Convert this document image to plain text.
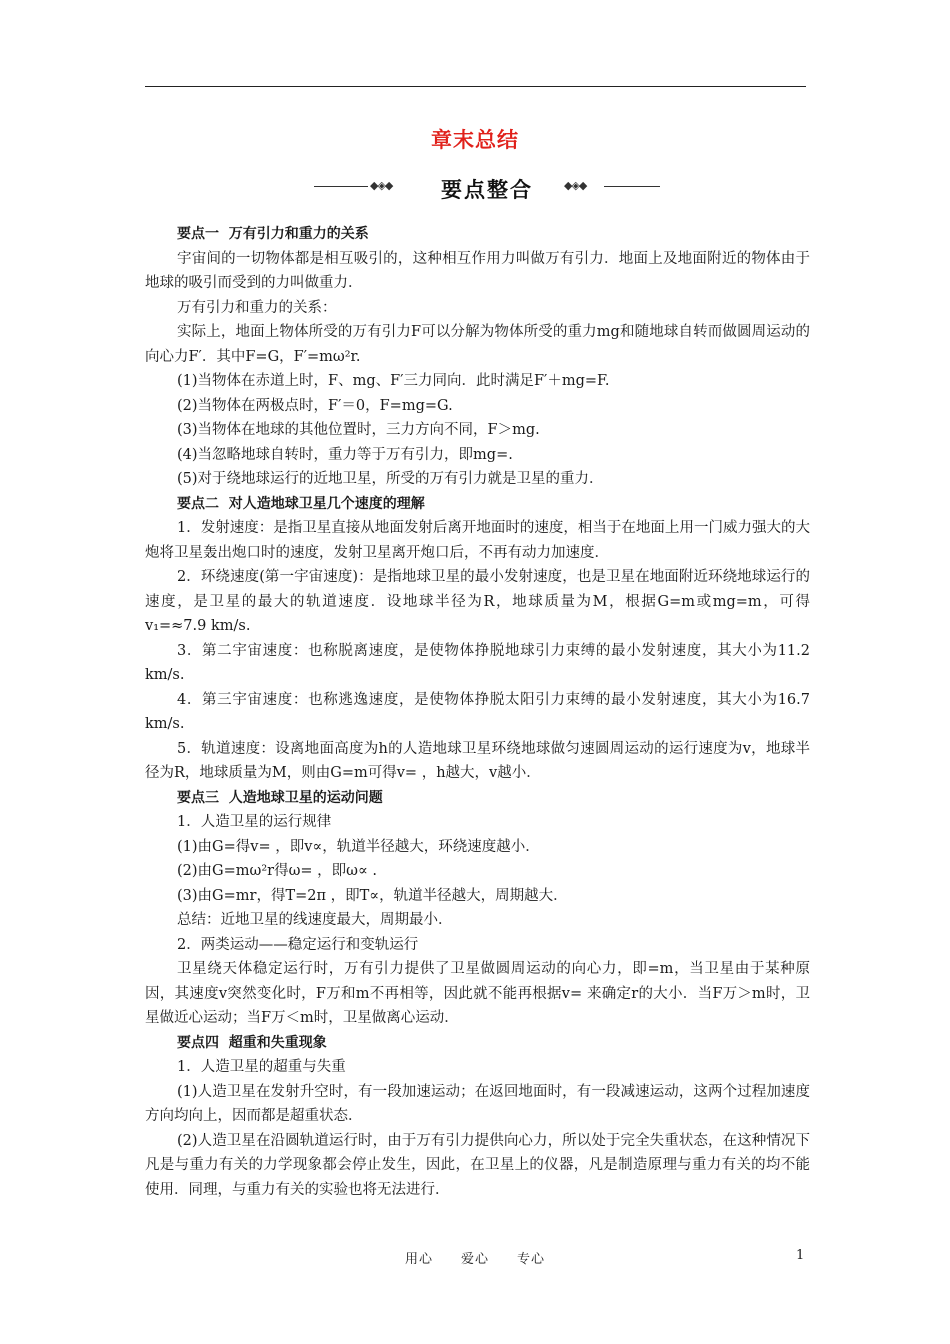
章末总结
◆◈◆	要点整合	◆◈◆

要点一  万有引力和重力的关系

宇宙间的一切物体都是相互吸引的，这种相互作用力叫做万有引力．地面上及地面附近的物体由于地球的吸引而受到的力叫做重力．

万有引力和重力的关系：

实际上，地面上物体所受的万有引力F可以分解为物体所受的重力mg和随地球自转而做圆周运动的向心力F′．其中F=G，F′=mω²r.

(1)当物体在赤道上时，F、mg、F′三力同向．此时满足F′＋mg=F.

(2)当物体在两极点时，F′＝0，F=mg=G.

(3)当物体在地球的其他位置时，三力方向不同，F＞mg.

(4)当忽略地球自转时，重力等于万有引力，即mg=.

(5)对于绕地球运行的近地卫星，所受的万有引力就是卫星的重力．

要点二  对人造地球卫星几个速度的理解

1．发射速度：是指卫星直接从地面发射后离开地面时的速度，相当于在地面上用一门威力强大的大炮将卫星轰出炮口时的速度，发射卫星离开炮口后，不再有动力加速度．

2．环绕速度(第一宇宙速度)：是指地球卫星的最小发射速度，也是卫星在地面附近环绕地球运行的速度，是卫星的最大的轨道速度．设地球半径为R，地球质量为M，根据G=m或mg=m，可得v₁=≈7.9 km/s.

3．第二宇宙速度：也称脱离速度，是使物体挣脱地球引力束缚的最小发射速度，其大小为11.2 km/s.

4．第三宇宙速度：也称逃逸速度，是使物体挣脱太阳引力束缚的最小发射速度，其大小为16.7 km/s.

5．轨道速度：设离地面高度为h的人造地球卫星环绕地球做匀速圆周运动的运行速度为v，地球半径为R，地球质量为M，则由G=m可得v= ，h越大，v越小．

要点三  人造地球卫星的运动问题

1．人造卫星的运行规律

(1)由G=得v= ，即v∝，轨道半径越大，环绕速度越小．

(2)由G=mω²r得ω= ，即ω∝ .

(3)由G=mr，得T=2π ，即T∝，轨道半径越大，周期越大．

总结：近地卫星的线速度最大，周期最小．

2．两类运动——稳定运行和变轨运行

卫星绕天体稳定运行时，万有引力提供了卫星做圆周运动的向心力，即=m，当卫星由于某种原因，其速度v突然变化时，F万和m不再相等，因此就不能再根据v= 来确定r的大小．当F万＞m时，卫星做近心运动；当F万＜m时，卫星做离心运动．

要点四  超重和失重现象

1．人造卫星的超重与失重

(1)人造卫星在发射升空时，有一段加速运动；在返回地面时，有一段减速运动，这两个过程加速度方向均向上，因而都是超重状态．

(2)人造卫星在沿圆轨道运行时，由于万有引力提供向心力，所以处于完全失重状态，在这种情况下凡是与重力有关的力学现象都会停止发生，因此，在卫星上的仪器，凡是制造原理与重力有关的均不能使用．同理，与重力有关的实验也将无法进行．

用心　　爱心　　专心	1
